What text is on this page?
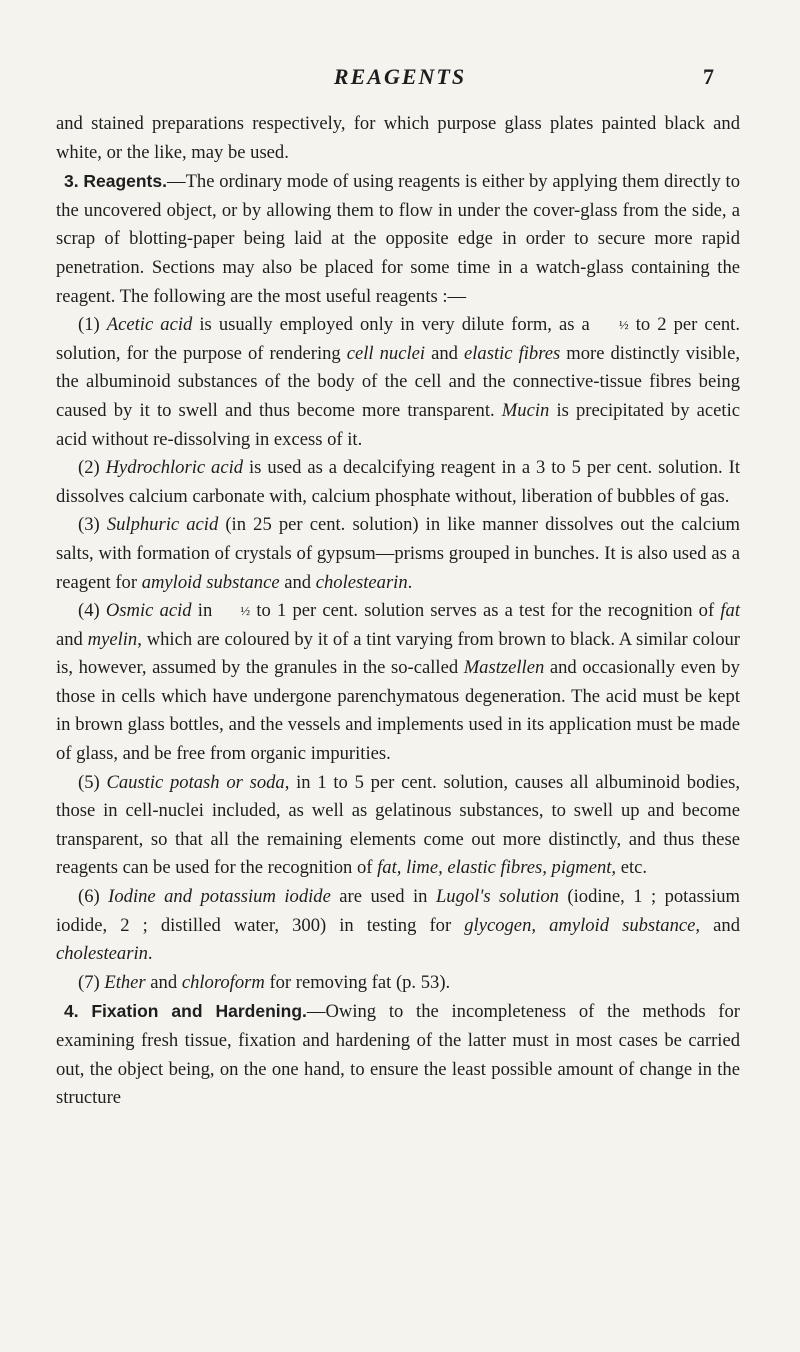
REAGENTS	7

and stained preparations respectively, for which purpose glass plates painted black and white, or the like, may be used.

3. Reagents.—The ordinary mode of using reagents is either by applying them directly to the uncovered object, or by allowing them to flow in under the cover-glass from the side, a scrap of blotting-paper being laid at the opposite edge in order to secure more rapid penetration. Sections may also be placed for some time in a watch-glass containing the reagent. The following are the most useful reagents :—

(1) Acetic acid is usually employed only in very dilute form, as a ½ to 2 per cent. solution, for the purpose of rendering cell nuclei and elastic fibres more distinctly visible, the albuminoid substances of the body of the cell and the connective-tissue fibres being caused by it to swell and thus become more transparent. Mucin is precipitated by acetic acid without re-dissolving in excess of it.

(2) Hydrochloric acid is used as a decalcifying reagent in a 3 to 5 per cent. solution. It dissolves calcium carbonate with, calcium phosphate without, liberation of bubbles of gas.

(3) Sulphuric acid (in 25 per cent. solution) in like manner dissolves out the calcium salts, with formation of crystals of gypsum—prisms grouped in bunches. It is also used as a reagent for amyloid substance and cholestearin.

(4) Osmic acid in ½ to 1 per cent. solution serves as a test for the recognition of fat and myelin, which are coloured by it of a tint varying from brown to black. A similar colour is, however, assumed by the granules in the so-called Mastzellen and occasionally even by those in cells which have undergone parenchymatous degeneration. The acid must be kept in brown glass bottles, and the vessels and implements used in its application must be made of glass, and be free from organic impurities.

(5) Caustic potash or soda, in 1 to 5 per cent. solution, causes all albuminoid bodies, those in cell-nuclei included, as well as gelatinous substances, to swell up and become transparent, so that all the remaining elements come out more distinctly, and thus these reagents can be used for the recognition of fat, lime, elastic fibres, pigment, etc.

(6) Iodine and potassium iodide are used in Lugol's solution (iodine, 1 ; potassium iodide, 2 ; distilled water, 300) in testing for glycogen, amyloid substance, and cholestearin.

(7) Ether and chloroform for removing fat (p. 53).

4. Fixation and Hardening.—Owing to the incompleteness of the methods for examining fresh tissue, fixation and hardening of the latter must in most cases be carried out, the object being, on the one hand, to ensure the least possible amount of change in the structure
